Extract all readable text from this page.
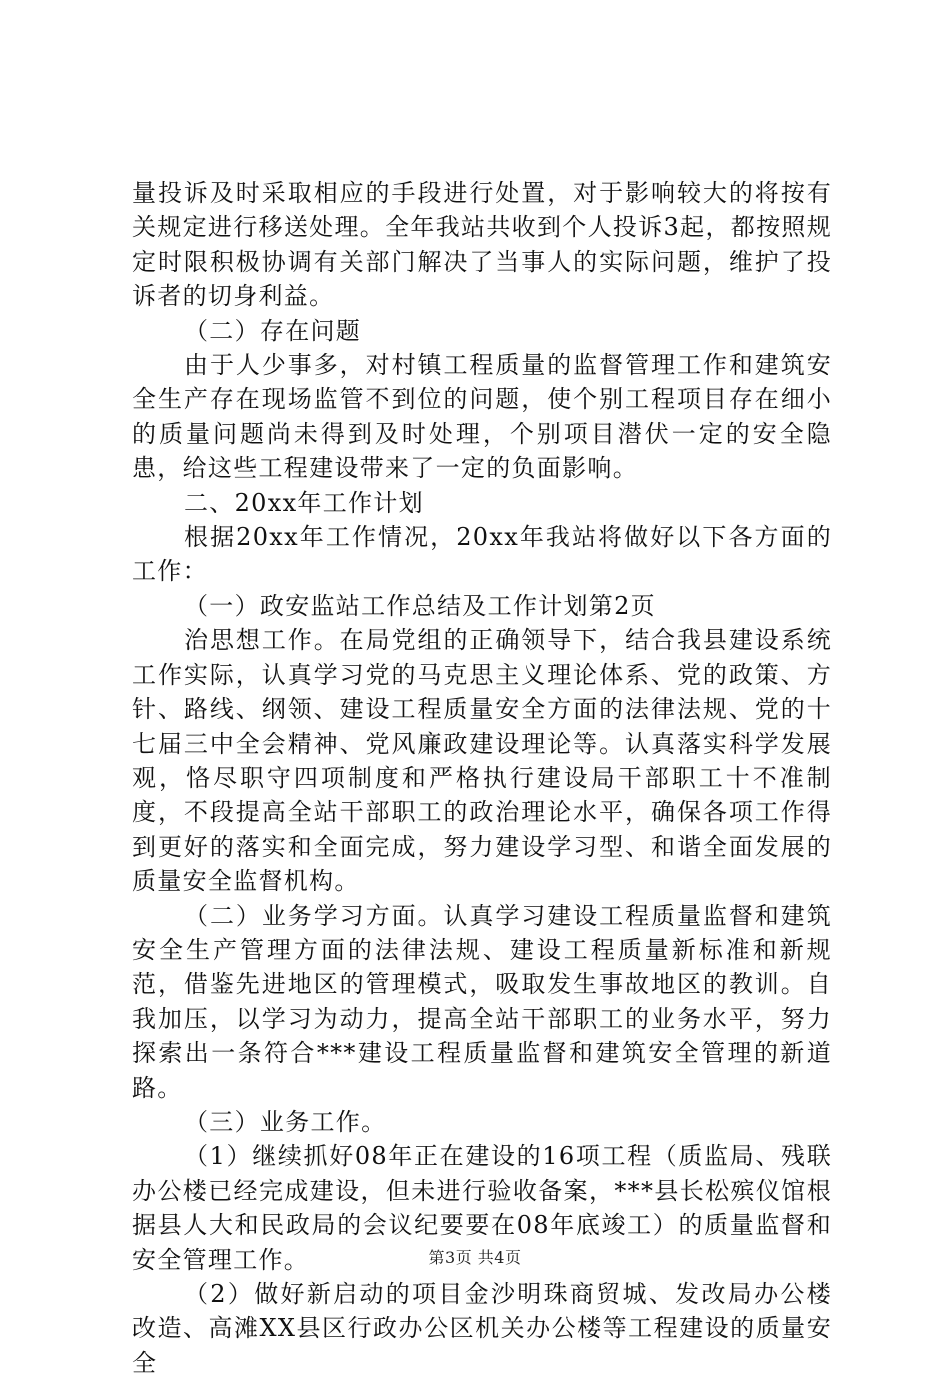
量投诉及时采取相应的手段进行处置，对于影响较大的将按有关规定进行移送处理。全年我站共收到个人投诉3起，都按照规定时限积极协调有关部门解决了当事人的实际问题，维护了投诉者的切身利益。

（二）存在问题

由于人少事多，对村镇工程质量的监督管理工作和建筑安全生产存在现场监管不到位的问题，使个别工程项目存在细小的质量问题尚未得到及时处理，个别项目潜伏一定的安全隐患，给这些工程建设带来了一定的负面影响。

二、20xx年工作计划

根据20xx年工作情况，20xx年我站将做好以下各方面的工作：

（一）政安监站工作总结及工作计划第2页

治思想工作。在局党组的正确领导下，结合我县建设系统工作实际，认真学习党的马克思主义理论体系、党的政策、方针、路线、纲领、建设工程质量安全方面的法律法规、党的十七届三中全会精神、党风廉政建设理论等。认真落实科学发展观，恪尽职守四项制度和严格执行建设局干部职工十不准制度，不段提高全站干部职工的政治理论水平，确保各项工作得到更好的落实和全面完成，努力建设学习型、和谐全面发展的质量安全监督机构。

（二）业务学习方面。认真学习建设工程质量监督和建筑安全生产管理方面的法律法规、建设工程质量新标准和新规范，借鉴先进地区的管理模式，吸取发生事故地区的教训。自我加压，以学习为动力，提高全站干部职工的业务水平，努力探索出一条符合***建设工程质量监督和建筑安全管理的新道路。

（三）业务工作。

（1）继续抓好08年正在建设的16项工程（质监局、残联办公楼已经完成建设，但未进行验收备案，***县长松殡仪馆根据县人大和民政局的会议纪要要在08年底竣工）的质量监督和安全管理工作。

（2）做好新启动的项目金沙明珠商贸城、发改局办公楼改造、高滩XX县区行政办公区机关办公楼等工程建设的质量安全

第3页 共4页
